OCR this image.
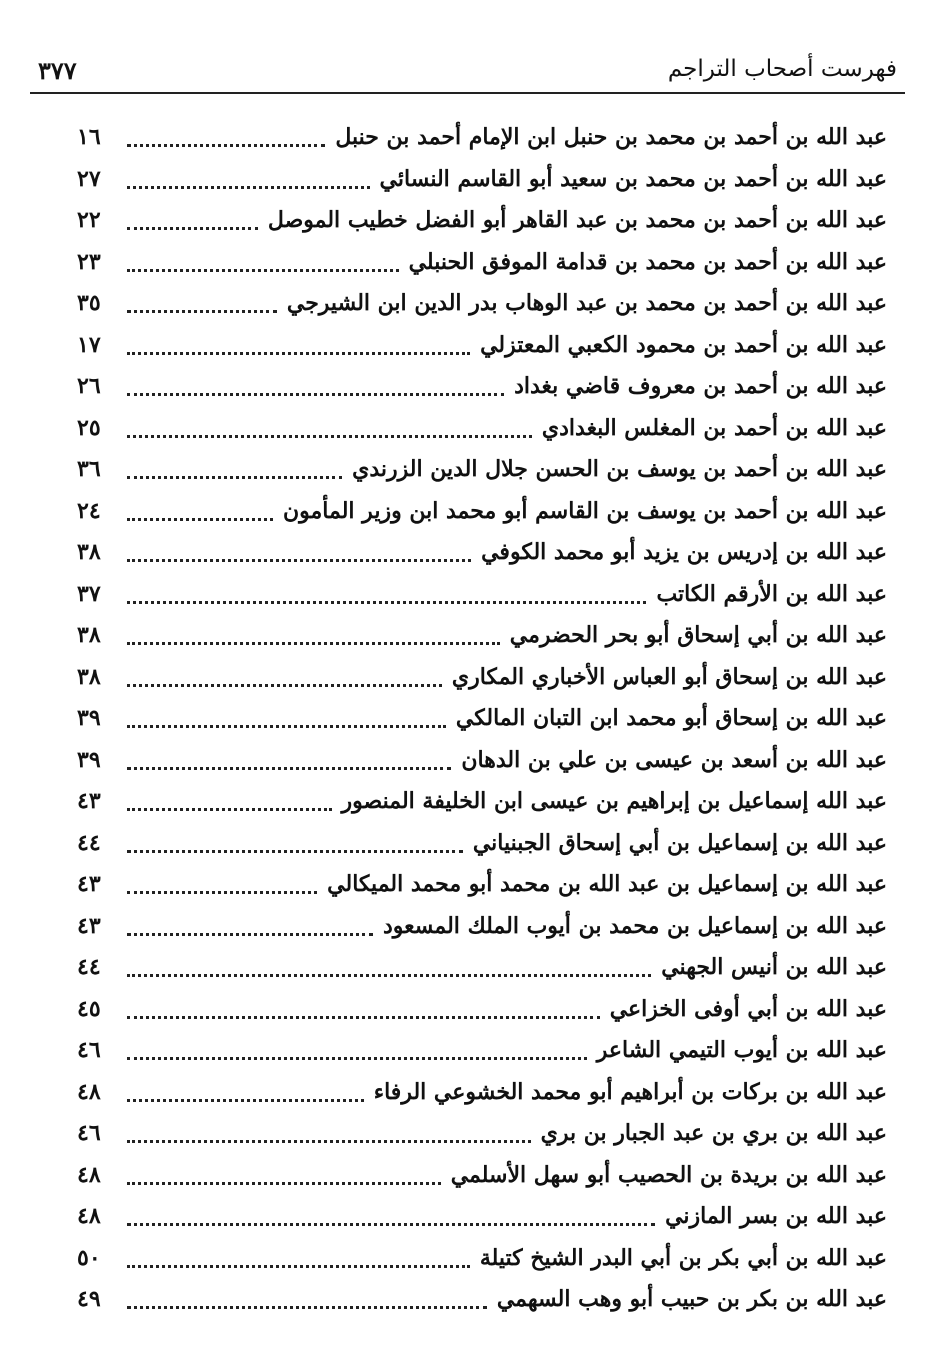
فهرست أصحاب التراجم
٣٧٧
عبد الله بن أحمد بن محمد بن حنبل ابن الإمام أحمد بن حنبل
١٦
عبد الله بن أحمد بن محمد بن سعيد أبو القاسم النسائي
٢٧
عبد الله بن أحمد بن محمد بن عبد القاهر أبو الفضل خطيب الموصل
٢٢
عبد الله بن أحمد بن محمد بن قدامة الموفق الحنبلي
٢٣
عبد الله بن أحمد بن محمد بن عبد الوهاب بدر الدين ابن الشيرجي
٣٥
عبد الله بن أحمد بن محمود الكعبي المعتزلي
١٧
عبد الله بن أحمد بن معروف قاضي بغداد
٢٦
عبد الله بن أحمد بن المغلس البغدادي
٢٥
عبد الله بن أحمد بن يوسف بن الحسن جلال الدين الزرندي
٣٦
عبد الله بن أحمد بن يوسف بن القاسم أبو محمد ابن وزير المأمون
٢٤
عبد الله بن إدريس بن يزيد أبو محمد الكوفي
٣٨
عبد الله بن الأرقم الكاتب
٣٧
عبد الله بن أبي إسحاق أبو بحر الحضرمي
٣٨
عبد الله بن إسحاق أبو العباس الأخباري المكاري
٣٨
عبد الله بن إسحاق أبو محمد ابن التبان المالكي
٣٩
عبد الله بن أسعد بن عيسى بن علي بن الدهان
٣٩
عبد الله إسماعيل بن إبراهيم بن عيسى ابن الخليفة المنصور
٤٣
عبد الله بن إسماعيل بن أبي إسحاق الجبنياني
٤٤
عبد الله بن إسماعيل بن عبد الله بن محمد أبو محمد الميكالي
٤٣
عبد الله بن إسماعيل بن محمد بن أيوب الملك المسعود
٤٣
عبد الله بن أنيس الجهني
٤٤
عبد الله بن أبي أوفى الخزاعي
٤٥
عبد الله بن أيوب التيمي الشاعر
٤٦
عبد الله بن بركات بن أبراهيم أبو محمد الخشوعي الرفاء
٤٨
عبد الله بن بري بن عبد الجبار بن بري
٤٦
عبد الله بن بريدة بن الحصيب أبو سهل الأسلمي
٤٨
عبد الله بن بسر المازني
٤٨
عبد الله بن أبي بكر بن أبي البدر الشيخ كتيلة
٥٠
عبد الله بن بكر بن حبيب أبو وهب السهمي
٤٩
